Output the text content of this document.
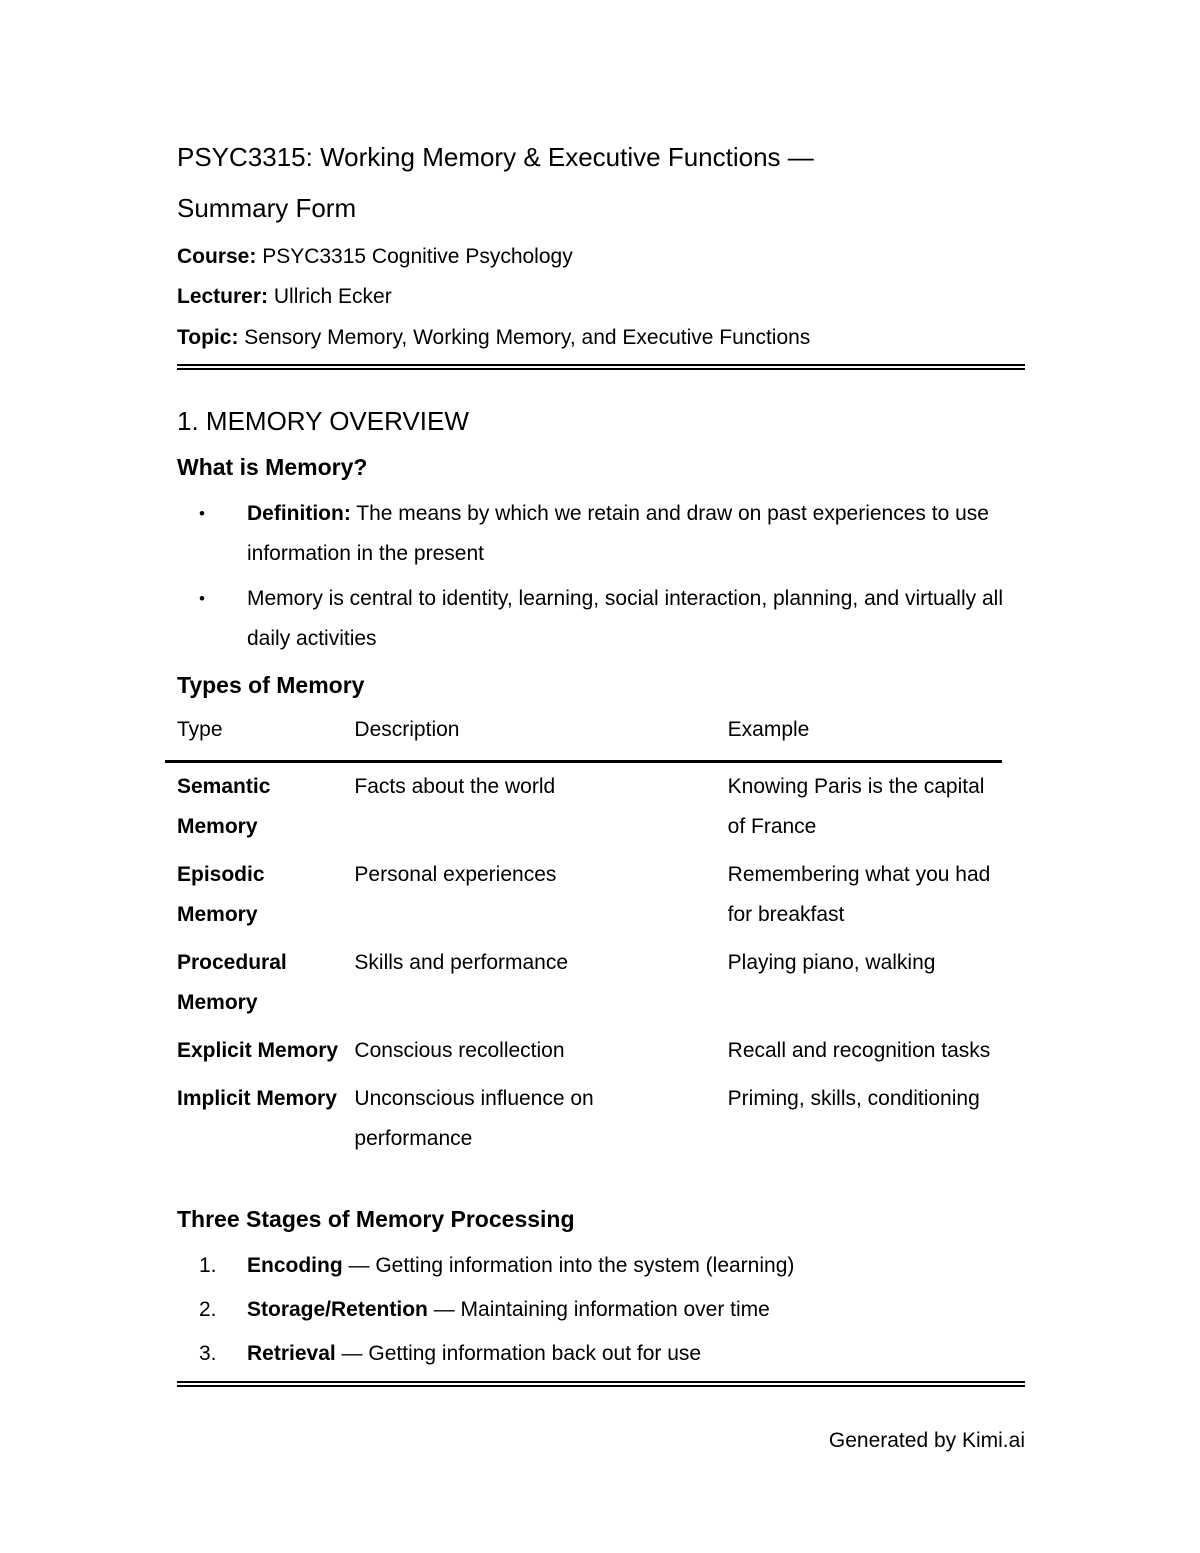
PSYC3315: Working Memory & Executive Functions —
Summary Form

Course: PSYC3315 Cognitive Psychology

Lecturer: Ullrich Ecker

Topic: Sensory Memory, Working Memory, and Executive Functions

1. MEMORY OVERVIEW
What is Memory?
• Definition: The means by which we retain and draw on past experiences to use information in the present
• Memory is central to identity, learning, social interaction, planning, and virtually all daily activities
Types of Memory
Type	Description	Example
Semantic Memory	Facts about the world	Knowing Paris is the capital of France
Episodic Memory	Personal experiences	Remembering what you had for breakfast
Procedural Memory	Skills and performance	Playing piano, walking
Explicit Memory	Conscious recollection	Recall and recognition tasks
Implicit Memory	Unconscious influence on performance	Priming, skills, conditioning
Three Stages of Memory Processing
1. Encoding — Getting information into the system (learning)
2. Storage/Retention — Maintaining information over time
3. Retrieval — Getting information back out for use

Generated by Kimi.ai
